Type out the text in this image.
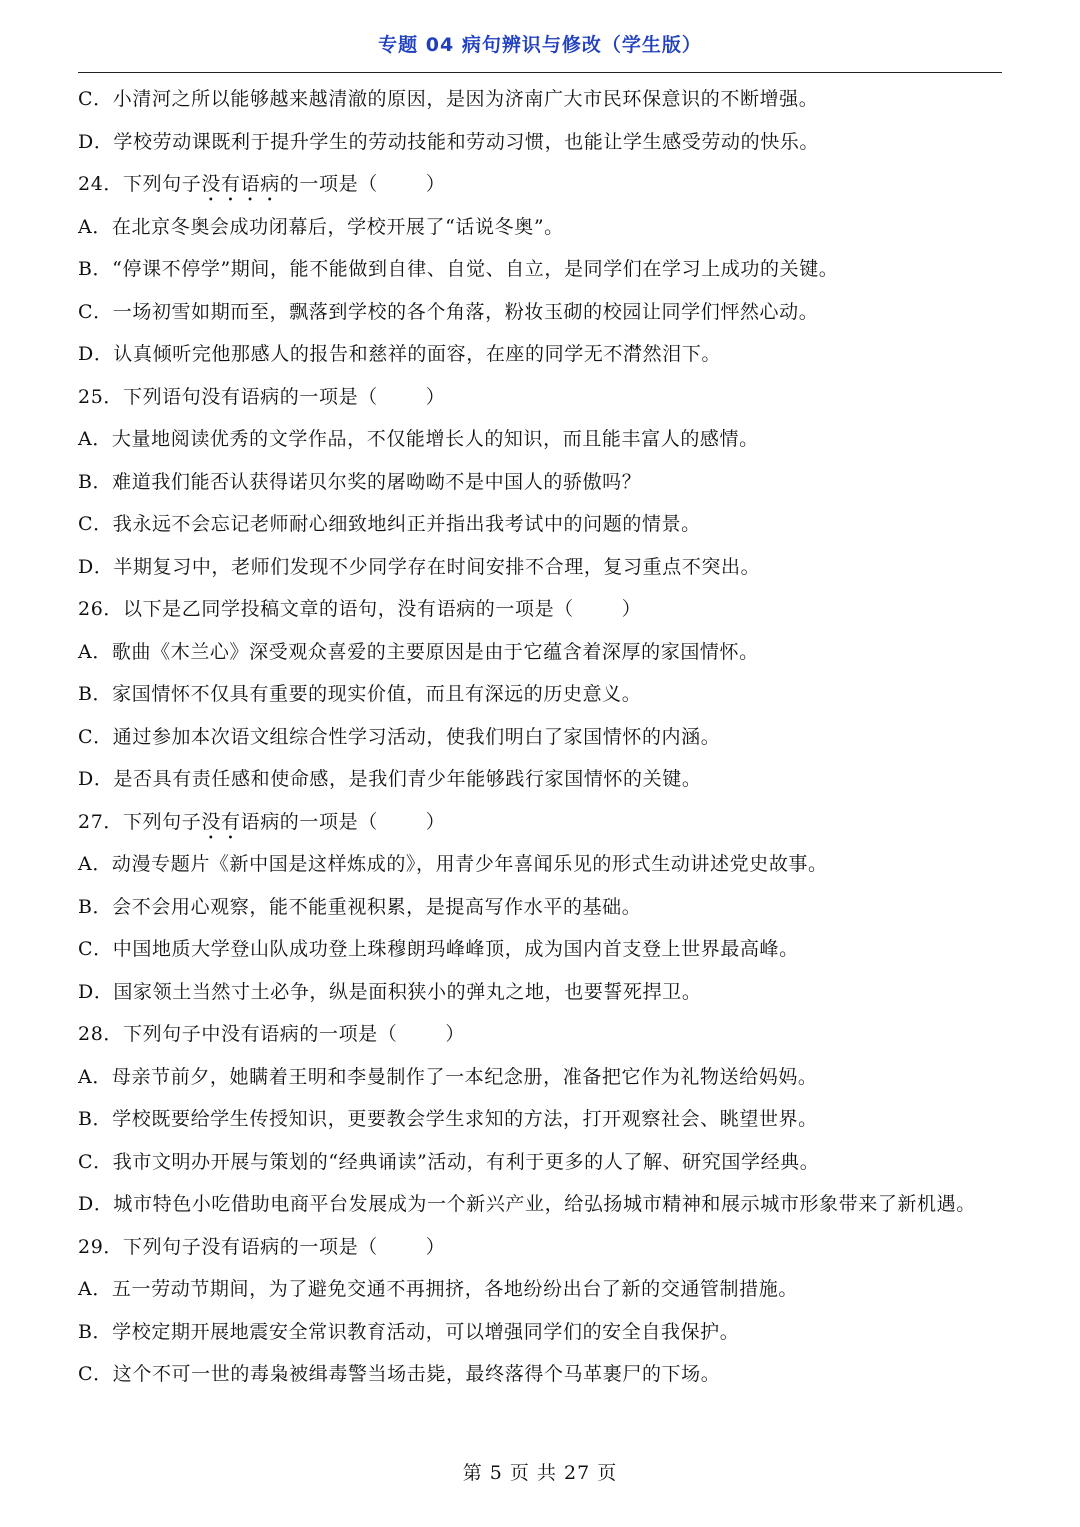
专题 04 病句辨识与修改（学生版）
C．小清河之所以能够越来越清澈的原因，是因为济南广大市民环保意识的不断增强。
D．学校劳动课既利于提升学生的劳动技能和劳动习惯，也能让学生感受劳动的快乐。
24．下列句子没有语病的一项是（	）
A．在北京冬奥会成功闭幕后，学校开展了“话说冬奥”。
B．“停课不停学”期间，能不能做到自律、自觉、自立，是同学们在学习上成功的关键。
C．一场初雪如期而至，飘落到学校的各个角落，粉妆玉砌的校园让同学们怦然心动。
D．认真倾听完他那感人的报告和慈祥的面容，在座的同学无不潸然泪下。
25．下列语句没有语病的一项是（	）
A．大量地阅读优秀的文学作品，不仅能增长人的知识，而且能丰富人的感情。
B．难道我们能否认获得诺贝尔奖的屠呦呦不是中国人的骄傲吗？
C．我永远不会忘记老师耐心细致地纠正并指出我考试中的问题的情景。
D．半期复习中，老师们发现不少同学存在时间安排不合理，复习重点不突出。
26．以下是乙同学投稿文章的语句，没有语病的一项是（	）
A．歌曲《木兰心》深受观众喜爱的主要原因是由于它蕴含着深厚的家国情怀。
B．家国情怀不仅具有重要的现实价值，而且有深远的历史意义。
C．通过参加本次语文组综合性学习活动，使我们明白了家国情怀的内涵。
D．是否具有责任感和使命感，是我们青少年能够践行家国情怀的关键。
27．下列句子没有语病的一项是（	）
A．动漫专题片《新中国是这样炼成的》，用青少年喜闻乐见的形式生动讲述党史故事。
B．会不会用心观察，能不能重视积累，是提高写作水平的基础。
C．中国地质大学登山队成功登上珠穆朗玛峰峰顶，成为国内首支登上世界最高峰。
D．国家领土当然寸土必争，纵是面积狭小的弹丸之地，也要誓死捍卫。
28．下列句子中没有语病的一项是（	）
A．母亲节前夕，她瞒着王明和李曼制作了一本纪念册，准备把它作为礼物送给妈妈。
B．学校既要给学生传授知识，更要教会学生求知的方法，打开观察社会、眺望世界。
C．我市文明办开展与策划的“经典诵读”活动，有利于更多的人了解、研究国学经典。
D．城市特色小吃借助电商平台发展成为一个新兴产业，给弘扬城市精神和展示城市形象带来了新机遇。
29．下列句子没有语病的一项是（	）
A．五一劳动节期间，为了避免交通不再拥挤，各地纷纷出台了新的交通管制措施。
B．学校定期开展地震安全常识教育活动，可以增强同学们的安全自我保护。
C．这个不可一世的毒枭被缉毒警当场击毙，最终落得个马革裹尸的下场。
第 5 页 共 27 页
